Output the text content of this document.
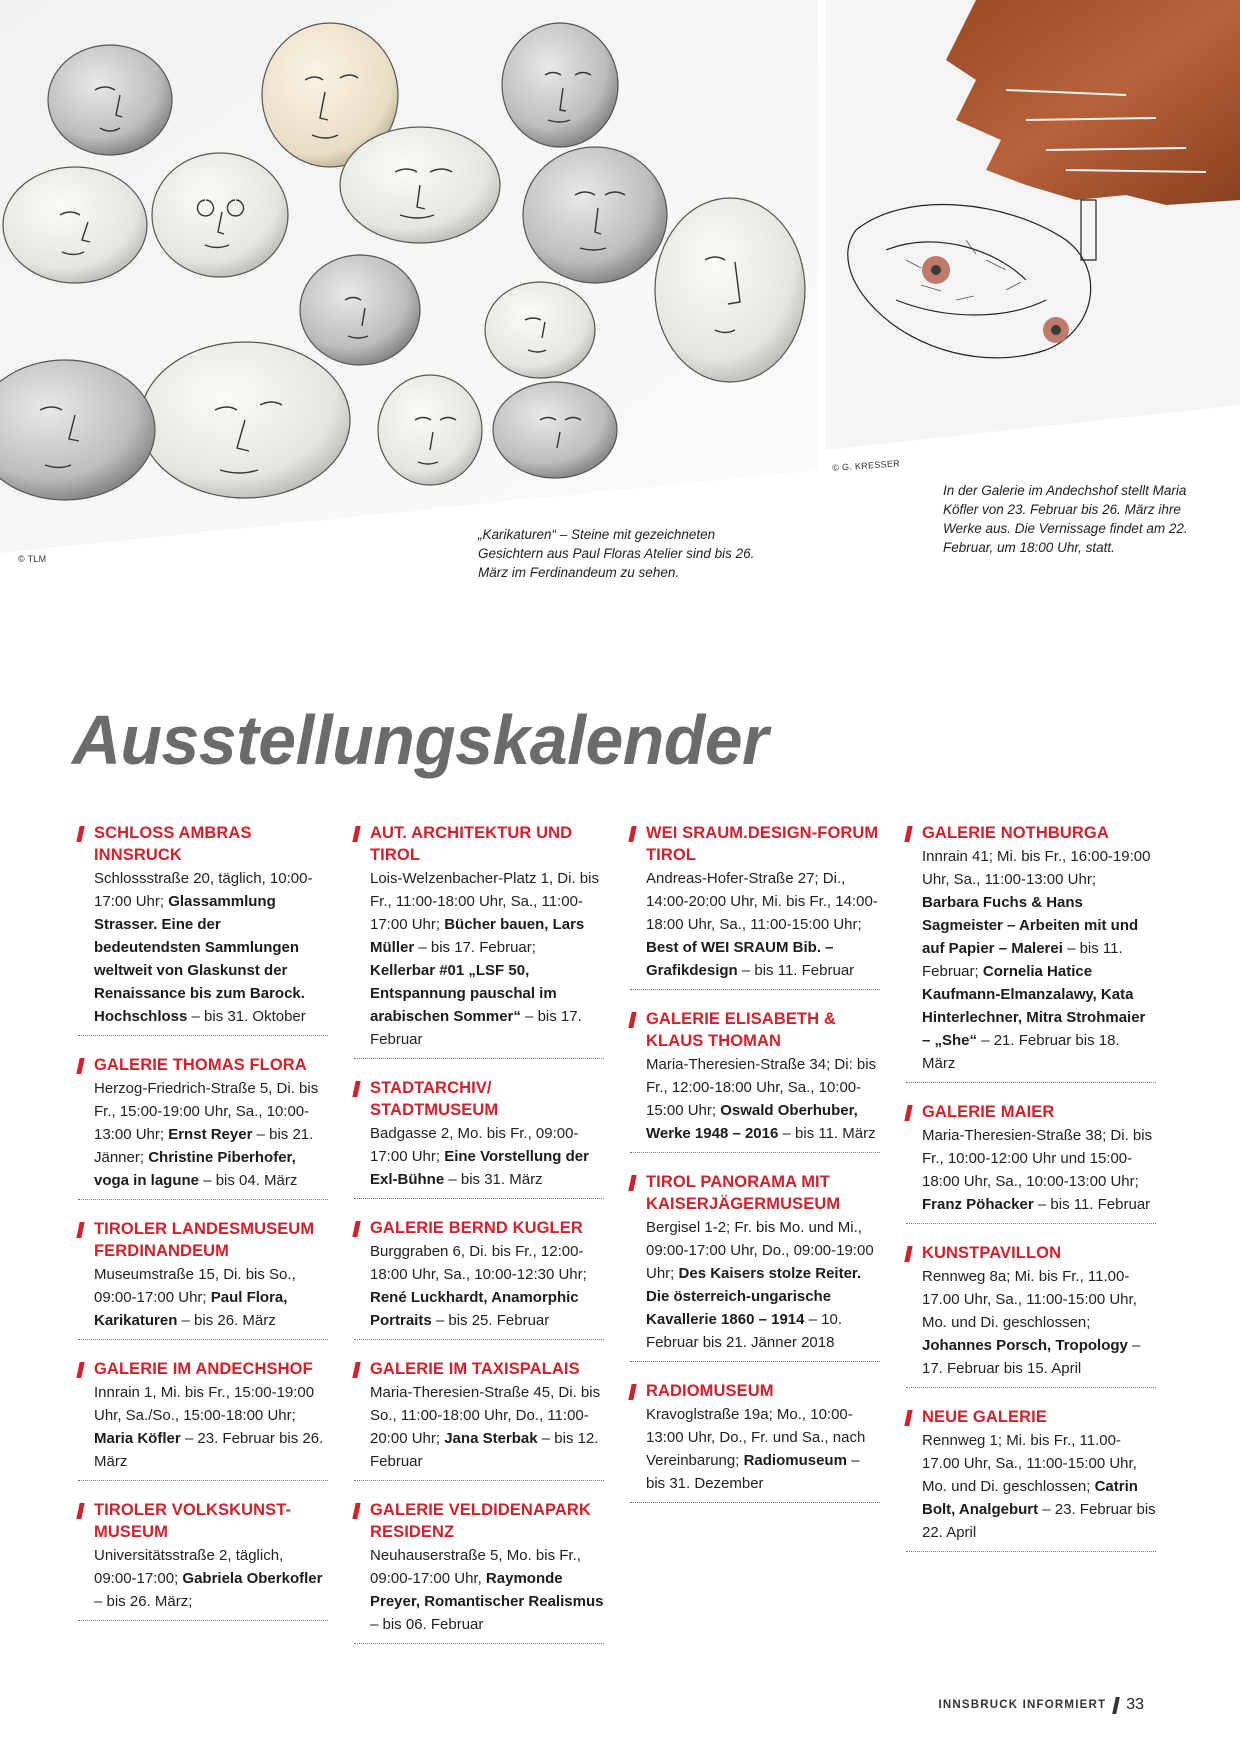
© TLM
© G. KRESSER
„Karikaturen“ – Steine mit gezeichneten Gesichtern aus Paul Floras Atelier sind bis 26. März im Ferdinandeum zu sehen.
In der Galerie im Andechshof stellt Maria Köfler von 23. Februar bis 26. März ihre Werke aus. Die Vernissage findet am 22. Februar, um 18:00 Uhr, statt.
Ausstellungskalender
SCHLOSS AMBRAS INNSRUCK

Schlossstraße 20, täglich, 10:00-17:00 Uhr; Glassammlung Strasser. Eine der bedeutendsten Sammlungen weltweit von Glaskunst der Renaissance bis zum Barock. Hochschloss – bis 31. Oktober

GALERIE THOMAS FLORA

Herzog-Friedrich-Straße 5, Di. bis Fr., 15:00-19:00 Uhr, Sa., 10:00-13:00 Uhr; Ernst Reyer – bis 21. Jänner; Christine Piberhofer, voga in lagune – bis 04. März

TIROLER LANDESMUSEUM FERDINANDEUM

Museumstraße 15, Di. bis So., 09:00-17:00 Uhr; Paul Flora, Karikaturen – bis 26. März

GALERIE IM ANDECHSHOF

Innrain 1, Mi. bis Fr., 15:00-19:00 Uhr, Sa./So., 15:00-18:00 Uhr; Maria Köfler – 23. Februar bis 26. März

TIROLER VOLKSKUNST-MUSEUM

Universitätsstraße 2, täglich, 09:00-17:00; Gabriela Oberkofler – bis 26. März;

AUT. ARCHITEKTUR UND TIROL

Lois-Welzenbacher-Platz 1, Di. bis Fr., 11:00-18:00 Uhr, Sa., 11:00-17:00 Uhr; Bücher bauen, Lars Müller – bis 17. Februar; Kellerbar #01 „LSF 50, Entspannung pauschal im arabischen Sommer“ – bis 17. Februar

STADTARCHIV/ STADTMUSEUM

Badgasse 2, Mo. bis Fr., 09:00-17:00 Uhr; Eine Vorstellung der Exl-Bühne – bis 31. März

GALERIE BERND KUGLER

Burggraben 6, Di. bis Fr., 12:00-18:00 Uhr, Sa., 10:00-12:30 Uhr; René Luckhardt, Anamorphic Portraits – bis 25. Februar

GALERIE IM TAXISPALAIS

Maria-Theresien-Straße 45, Di. bis So., 11:00-18:00 Uhr, Do., 11:00-20:00 Uhr; Jana Sterbak – bis 12. Februar

GALERIE VELDIDENAPARK RESIDENZ

Neuhauserstraße 5, Mo. bis Fr., 09:00-17:00 Uhr, Raymonde Preyer, Romantischer Realismus – bis 06. Februar

WEI SRAUM.DESIGN-FORUM TIROL

Andreas-Hofer-Straße 27; Di., 14:00-20:00 Uhr, Mi. bis Fr., 14:00-18:00 Uhr, Sa., 11:00-15:00 Uhr; Best of WEI SRAUM Bib. – Grafikdesign – bis 11. Februar

GALERIE ELISABETH & KLAUS THOMAN

Maria-Theresien-Straße 34; Di: bis Fr., 12:00-18:00 Uhr, Sa., 10:00-15:00 Uhr; Oswald Oberhuber, Werke 1948 – 2016 – bis 11. März

TIROL PANORAMA MIT KAISERJÄGERMUSEUM

Bergisel 1-2; Fr. bis Mo. und Mi., 09:00-17:00 Uhr, Do., 09:00-19:00 Uhr; Des Kaisers stolze Reiter. Die österreich-ungarische Kavallerie 1860 – 1914 – 10. Februar bis 21. Jänner 2018

RADIOMUSEUM

Kravoglstraße 19a; Mo., 10:00-13:00 Uhr, Do., Fr. und Sa., nach Vereinbarung; Radiomuseum – bis 31. Dezember

GALERIE NOTHBURGA

Innrain 41; Mi. bis Fr., 16:00-19:00 Uhr, Sa., 11:00-13:00 Uhr; Barbara Fuchs & Hans Sagmeister – Arbeiten mit und auf Papier – Malerei – bis 11. Februar; Cornelia Hatice Kaufmann-Elmanzalawy, Kata Hinterlechner, Mitra Strohmaier – „She“ – 21. Februar bis 18. März

GALERIE MAIER

Maria-Theresien-Straße 38; Di. bis Fr., 10:00-12:00 Uhr und 15:00-18:00 Uhr, Sa., 10:00-13:00 Uhr; Franz Pöhacker – bis 11. Februar

KUNSTPAVILLON

Rennweg 8a; Mi. bis Fr., 11.00-17.00 Uhr, Sa., 11:00-15:00 Uhr, Mo. und Di. geschlossen; Johannes Porsch, Tropology – 17. Februar bis 15. April

NEUE GALERIE

Rennweg 1; Mi. bis Fr., 11.00-17.00 Uhr, Sa., 11:00-15:00 Uhr, Mo. und Di. geschlossen; Catrin Bolt, Analgeburt – 23. Februar bis 22. April

INNSBRUCK INFORMIERT 33
